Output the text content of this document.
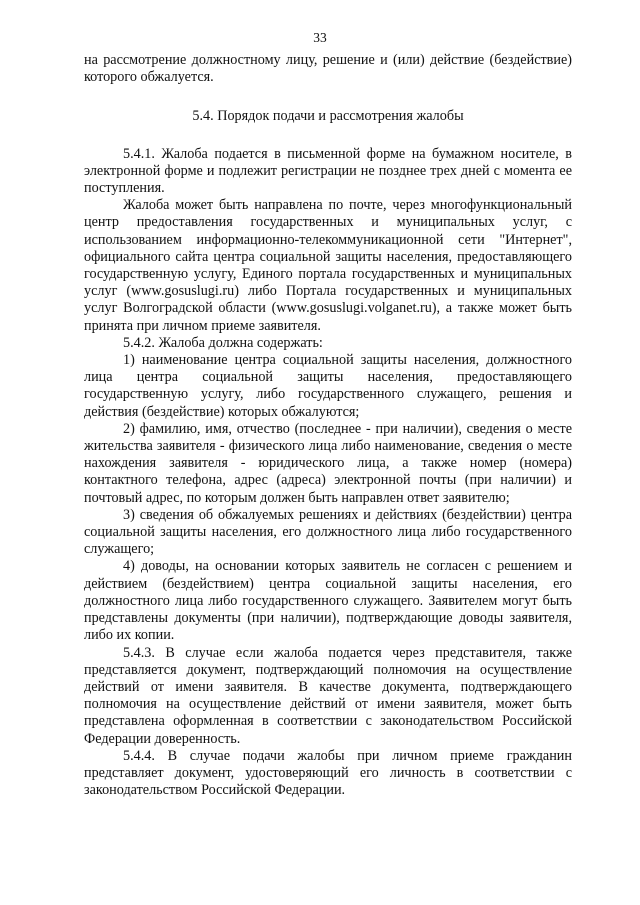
33

на рассмотрение должностному лицу, решение и (или) действие (бездействие) которого обжалуется.

5.4. Порядок подачи и рассмотрения жалобы

5.4.1. Жалоба подается в письменной форме на бумажном носителе, в электронной форме и подлежит регистрации не позднее трех дней с момента ее поступления.

Жалоба может быть направлена по почте, через многофункциональный центр предоставления государственных и муниципальных услуг, с использованием информационно-телекоммуникационной сети "Интернет", официального сайта центра социальной защиты населения, предоставляющего государственную услугу, Единого портала государственных и муниципальных услуг (www.gosuslugi.ru) либо Портала государственных и муниципальных услуг Волгоградской области (www.gosuslugi.volganet.ru), а также может быть принята при личном приеме заявителя.

5.4.2. Жалоба должна содержать:

1) наименование центра социальной защиты населения, должностного лица центра социальной защиты населения, предоставляющего государственную услугу, либо государственного служащего, решения и действия (бездействие) которых обжалуются;

2) фамилию, имя, отчество (последнее - при наличии), сведения о месте жительства заявителя - физического лица либо наименование, сведения о месте нахождения заявителя - юридического лица, а также номер (номера) контактного телефона, адрес (адреса) электронной почты (при наличии) и почтовый адрес, по которым должен быть направлен ответ заявителю;

3) сведения об обжалуемых решениях и действиях (бездействии) центра социальной защиты населения, его должностного лица либо государственного служащего;

4) доводы, на основании которых заявитель не согласен с решением и действием (бездействием) центра социальной защиты населения, его должностного лица либо государственного служащего. Заявителем могут быть представлены документы (при наличии), подтверждающие доводы заявителя, либо их копии.

5.4.3. В случае если жалоба подается через представителя, также представляется документ, подтверждающий полномочия на осуществление действий от имени заявителя. В качестве документа, подтверждающего полномочия на осуществление действий от имени заявителя, может быть представлена оформленная в соответствии с законодательством Российской Федерации доверенность.

5.4.4. В случае подачи жалобы при личном приеме гражданин представляет документ, удостоверяющий его личность в соответствии с законодательством Российской Федерации.
